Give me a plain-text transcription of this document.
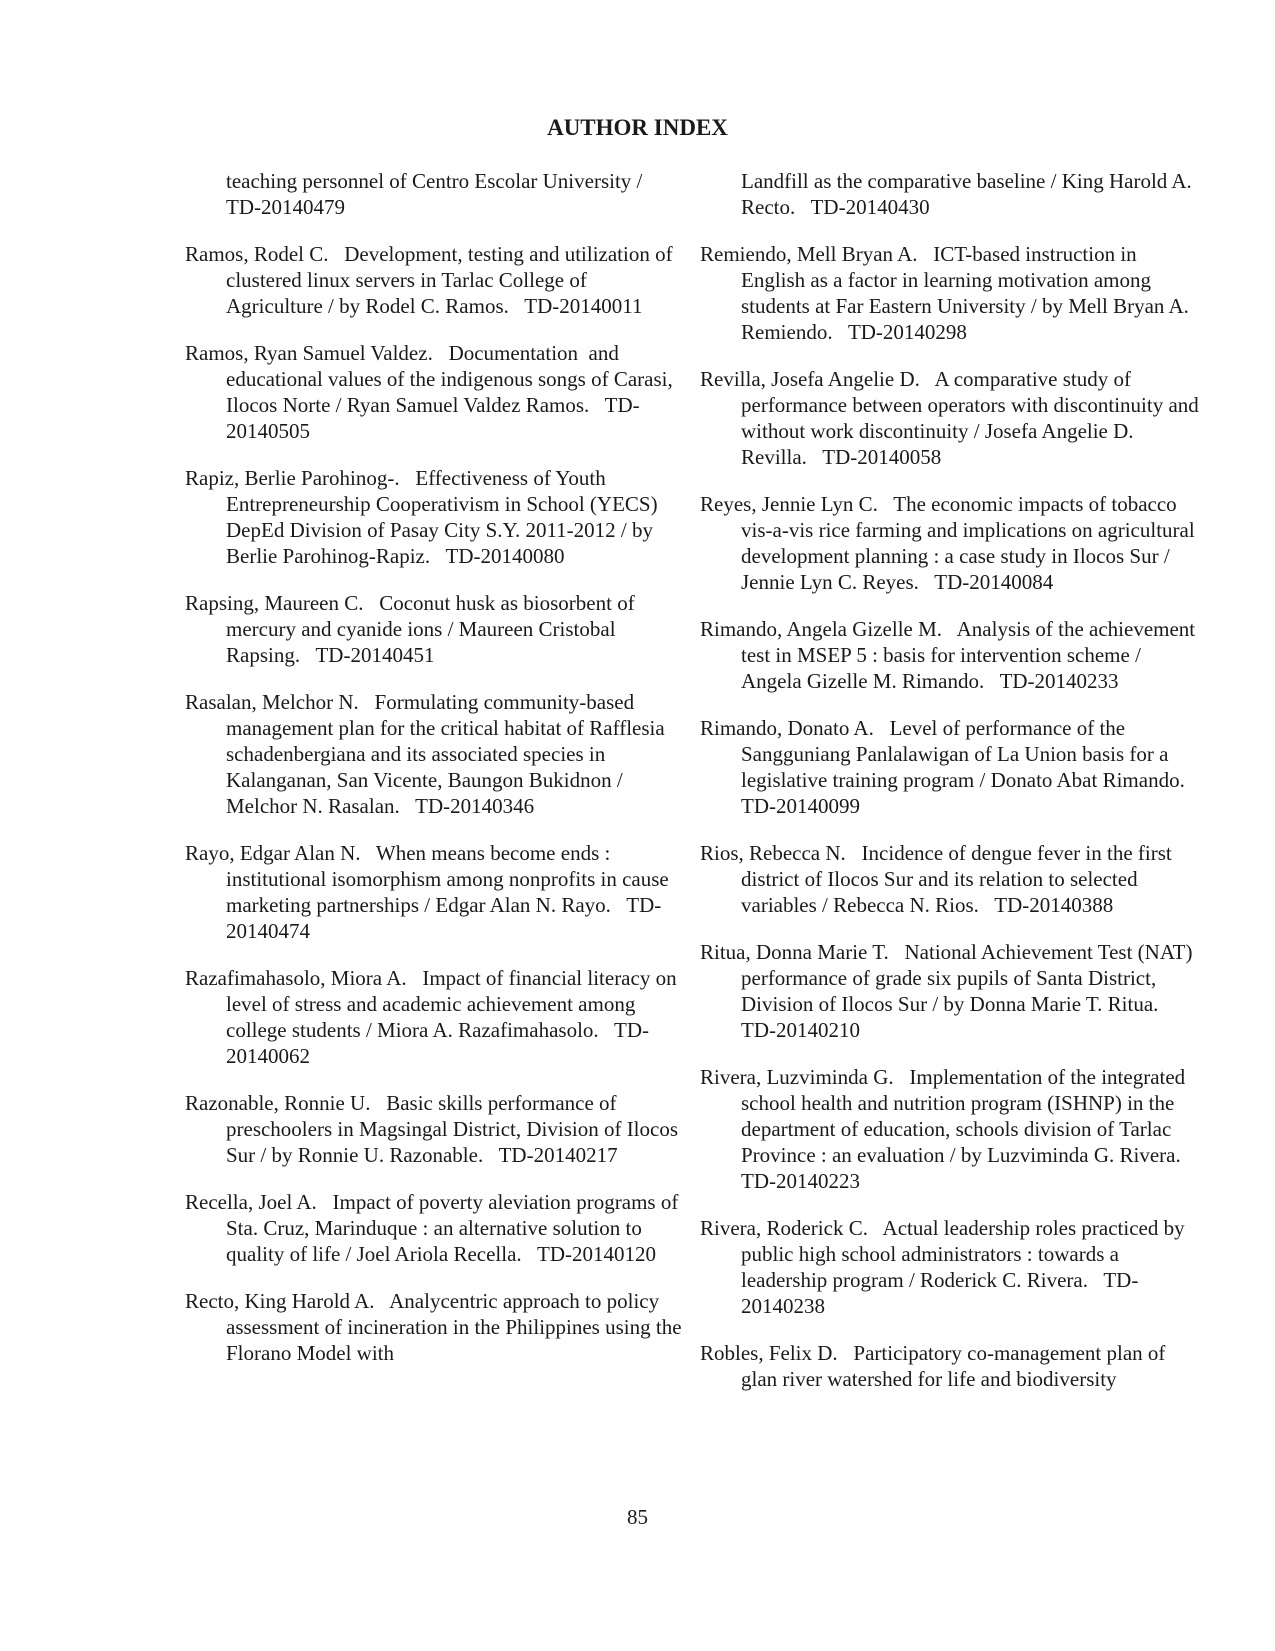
AUTHOR INDEX

teaching personnel of Centro Escolar University /   TD-20140479

Ramos, Rodel C.   Development, testing and utilization of clustered linux servers in Tarlac College of Agriculture / by Rodel C. Ramos.   TD-20140011

Ramos, Ryan Samuel Valdez.   Documentation  and educational values of the indigenous songs of Carasi, Ilocos Norte / Ryan Samuel Valdez Ramos.   TD-20140505

Rapiz, Berlie Parohinog-.   Effectiveness of Youth Entrepreneurship Cooperativism in School (YECS) DepEd Division of Pasay City S.Y. 2011-2012 / by Berlie Parohinog-Rapiz.   TD-20140080

Rapsing, Maureen C.   Coconut husk as biosorbent of mercury and cyanide ions / Maureen Cristobal Rapsing.   TD-20140451

Rasalan, Melchor N.   Formulating community-based management plan for the critical habitat of Rafflesia schadenbergiana and its associated species in Kalanganan, San Vicente, Baungon Bukidnon / Melchor N. Rasalan.   TD-20140346

Rayo, Edgar Alan N.   When means become ends : institutional isomorphism among nonprofits in cause marketing partnerships / Edgar Alan N. Rayo.   TD-20140474

Razafimahasolo, Miora A.   Impact of financial literacy on level of stress and academic achievement among college students / Miora A. Razafimahasolo.   TD-20140062

Razonable, Ronnie U.   Basic skills performance of preschoolers in Magsingal District, Division of Ilocos Sur / by Ronnie U. Razonable.   TD-20140217

Recella, Joel A.   Impact of poverty aleviation programs of Sta. Cruz, Marinduque : an alternative solution to quality of life / Joel Ariola Recella.   TD-20140120

Recto, King Harold A.   Analycentric approach to policy assessment of incineration in the Philippines using the Florano Model with

Landfill as the comparative baseline / King Harold A. Recto.   TD-20140430

Remiendo, Mell Bryan A.   ICT-based instruction in English as a factor in learning motivation among students at Far Eastern University / by Mell Bryan A. Remiendo.   TD-20140298

Revilla, Josefa Angelie D.   A comparative study of performance between operators with discontinuity and without work discontinuity / Josefa Angelie D. Revilla.   TD-20140058

Reyes, Jennie Lyn C.   The economic impacts of tobacco vis-a-vis rice farming and implications on agricultural development planning : a case study in Ilocos Sur / Jennie Lyn C. Reyes.   TD-20140084

Rimando, Angela Gizelle M.   Analysis of the achievement test in MSEP 5 : basis for intervention scheme / Angela Gizelle M. Rimando.   TD-20140233

Rimando, Donato A.   Level of performance of the Sangguniang Panlalawigan of La Union basis for a legislative training program / Donato Abat Rimando.   TD-20140099

Rios, Rebecca N.   Incidence of dengue fever in the first district of Ilocos Sur and its relation to selected variables / Rebecca N. Rios.   TD-20140388

Ritua, Donna Marie T.   National Achievement Test (NAT) performance of grade six pupils of Santa District, Division of Ilocos Sur / by Donna Marie T. Ritua.   TD-20140210

Rivera, Luzviminda G.   Implementation of the integrated school health and nutrition program (ISHNP) in the department of education, schools division of Tarlac Province : an evaluation / by Luzviminda G. Rivera.   TD-20140223

Rivera, Roderick C.   Actual leadership roles practiced by public high school administrators : towards a leadership program / Roderick C. Rivera.   TD-20140238

Robles, Felix D.   Participatory co-management plan of glan river watershed for life and biodiversity

85
